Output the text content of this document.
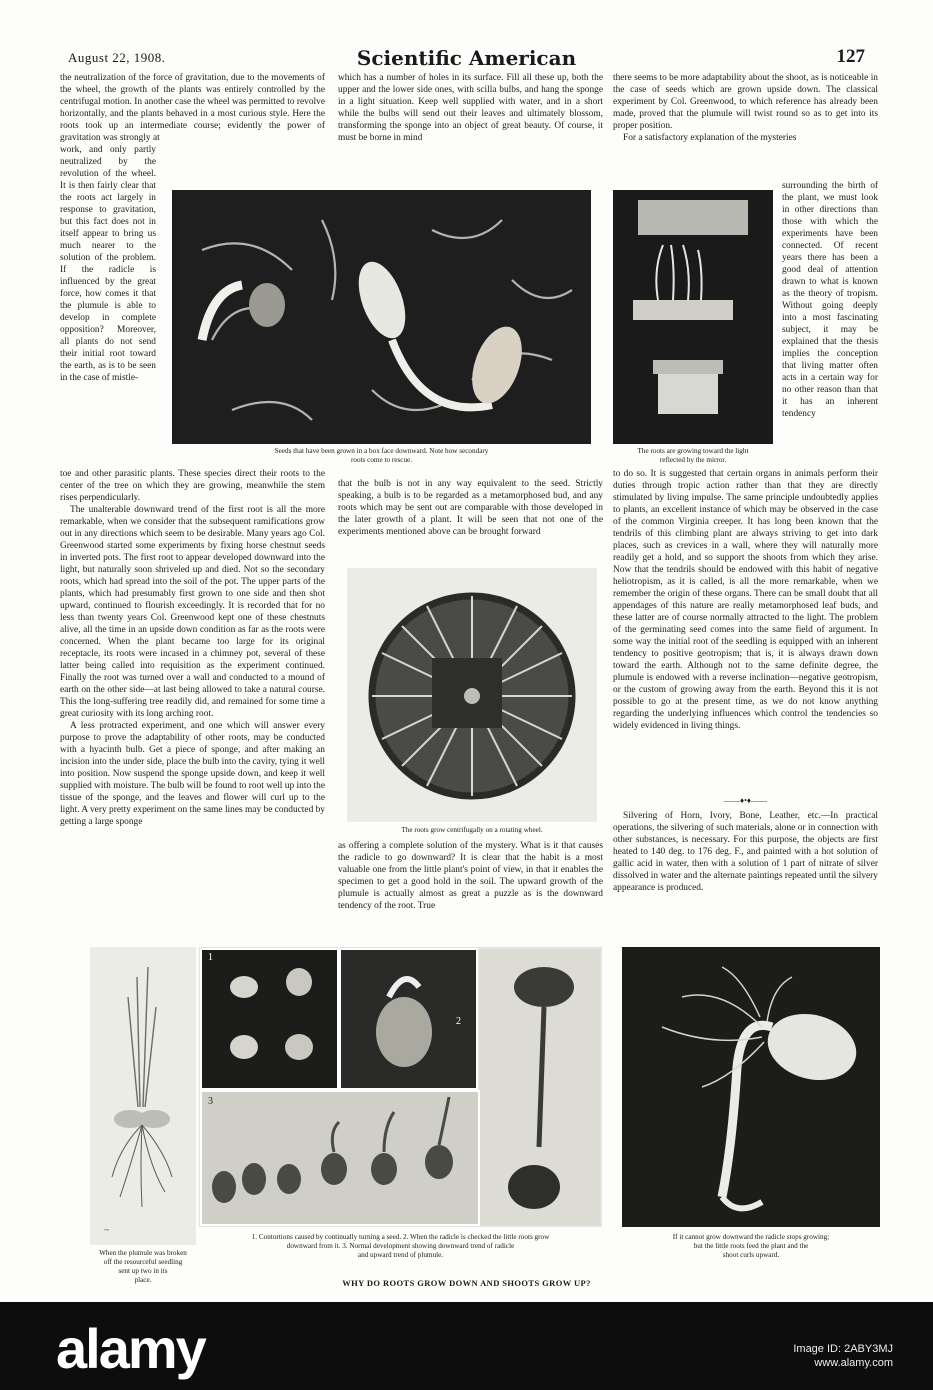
August 22, 1908.	Scientific American	127

the neutralization of the force of gravitation, due to the movements of the wheel, the growth of the plants was entirely controlled by the centrifugal motion. In another case the wheel was permitted to revolve horizontally, and the plants behaved in a most curious style. Here the roots took up an intermediate course; evidently the power of gravitation was strongly at

work, and only partly neutralized by the revolution of the wheel. It is then fairly clear that the roots act largely in response to gravitation, but this fact does not in itself appear to bring us much nearer to the solution of the problem. If the radicle is influenced by the great force, how comes it that the plumule is able to develop in complete opposition? Moreover, all plants do not send their initial root toward the earth, as is to be seen in the case of mistle-

toe and other parasitic plants. These species direct their roots to the center of the tree on which they are growing, meanwhile the stem rises perpendicularly.

The unalterable downward trend of the first root is all the more remarkable, when we consider that the subsequent ramifications grow out in any directions which seem to be desirable. Many years ago Col. Greenwood started some experiments by fixing horse chestnut seeds in inverted pots. The first root to appear developed downward into the light, but naturally soon shriveled up and died. Not so the secondary roots, which had spread into the soil of the pot. The upper parts of the plants, which had presumably first grown to one side and then shot upward, continued to flourish exceedingly. It is recorded that for no less than twenty years Col. Greenwood kept one of these chestnuts alive, all the time in an upside down condition as far as the roots were concerned. When the plant became too large for its original receptacle, its roots were incased in a chimney pot, several of these latter being called into requisition as the experiment continued. Finally the root was turned over a wall and conducted to a mound of earth on the other side—at last being allowed to take a natural course. This the long-suffering tree readily did, and remained for some time a great curiosity with its long arching root.

A less protracted experiment, and one which will answer every purpose to prove the adaptability of other roots, may be conducted with a hyacinth bulb. Get a piece of sponge, and after making an incision into the under side, place the bulb into the cavity, tying it well into position. Now suspend the sponge upside down, and keep it well supplied with moisture. The bulb will be found to root well up into the tissue of the sponge, and the leaves and flower will curl up to the light. A very pretty experiment on the same lines may be conducted by getting a large sponge

which has a number of holes in its surface. Fill all these up, both the upper and the lower side ones, with scilla bulbs, and hang the sponge in a light situation. Keep well supplied with water, and in a short while the bulbs will send out their leaves and ultimately blossom, transforming the sponge into an object of great beauty. Of course, it must be borne in mind

that the bulb is not in any way equivalent to the seed. Strictly speaking, a bulb is to be regarded as a metamorphosed bud, and any roots which may be sent out are comparable with those developed in the later growth of a plant. It will be seen that not one of the experiments mentioned above can be brought forward

as offering a complete solution of the mystery. What is it that causes the radicle to go downward? It is clear that the habit is a most valuable one from the little plant's point of view, in that it enables the specimen to get a good hold in the soil. The upward growth of the plumule is actually almost as great a puzzle as is the downward tendency of the root. True

there seems to be more adaptability about the shoot, as is noticeable in the case of seeds which are grown upside down. The classical experiment by Col. Greenwood, to which reference has already been made, proved that the plumule will twist round so as to get into its proper position.

For a satisfactory explanation of the mysteries

surrounding the birth of the plant, we must look in other directions than those with which the experiments have been connected. Of recent years there has been a good deal of attention drawn to what is known as the theory of tropism. Without going deeply into a most fascinating subject, it may be explained that the thesis implies the conception that living matter often acts in a certain way for no other reason than that it has an inherent tendency

to do so. It is suggested that certain organs in animals perform their duties through tropic action rather than that they are directly stimulated by living impulse. The same principle undoubtedly applies to plants, an excellent instance of which may be observed in the case of the common Virginia creeper. It has long been known that the tendrils of this climbing plant are always striving to get into dark places, such as crevices in a wall, where they will naturally more readily get a hold, and so support the shoots from which they arise. Now that the tendrils should be endowed with this habit of negative heliotropism, as it is called, is all the more remarkable, when we remember the origin of these organs. There can be small doubt that all appendages of this nature are really metamorphosed leaf buds, and these latter are of course normally attracted to the light. The problem of the germinating seed comes into the same field of argument. In some way the initial root of the seedling is equipped with an inherent tendency to positive geotropism; that is, it is always drawn down toward the earth. Although not to the same definite degree, the plumule is endowed with a reverse inclination—negative geotropism, or the custom of growing away from the earth. Beyond this it is not possible to go at the present time, as we do not know anything regarding the underlying influences which control the tendencies so widely evidenced in living things.

——♦•♦——

Silvering of Horn, Ivory, Bone, Leather, etc.—In practical operations, the silvering of such materials, alone or in connection with other substances, is necessary. For this purpose, the objects are first heated to 140 deg. to 176 deg. F., and painted with a hot solution of gallic acid in water, then with a solution of 1 part of nitrate of silver dissolved in water and the alternate paintings repeated until the silvery appearance is produced.

Seeds that have been grown in a box face downward. Note how secondary
roots come to rescue.
The roots are growing toward the light
reflected by the mirror.
The roots grow centrifugally on a rotating wheel.
~
When the plumule was broken
off the resourceful seedling
sent up two in its
place.
1
2
3
1. Contortions caused by continually turning a seed. 2. When the radicle is checked the little roots grow
downward from it. 3. Normal development showing downward trend of radicle
and upward trend of plumule.
If it cannot grow downward the radicle stops growing;
but the little roots feed the plant and the
shoot curls upward.
WHY DO ROOTS GROW DOWN AND SHOOTS GROW UP?
alamy	Image ID: 2ABY3MJ
www.alamy.com
